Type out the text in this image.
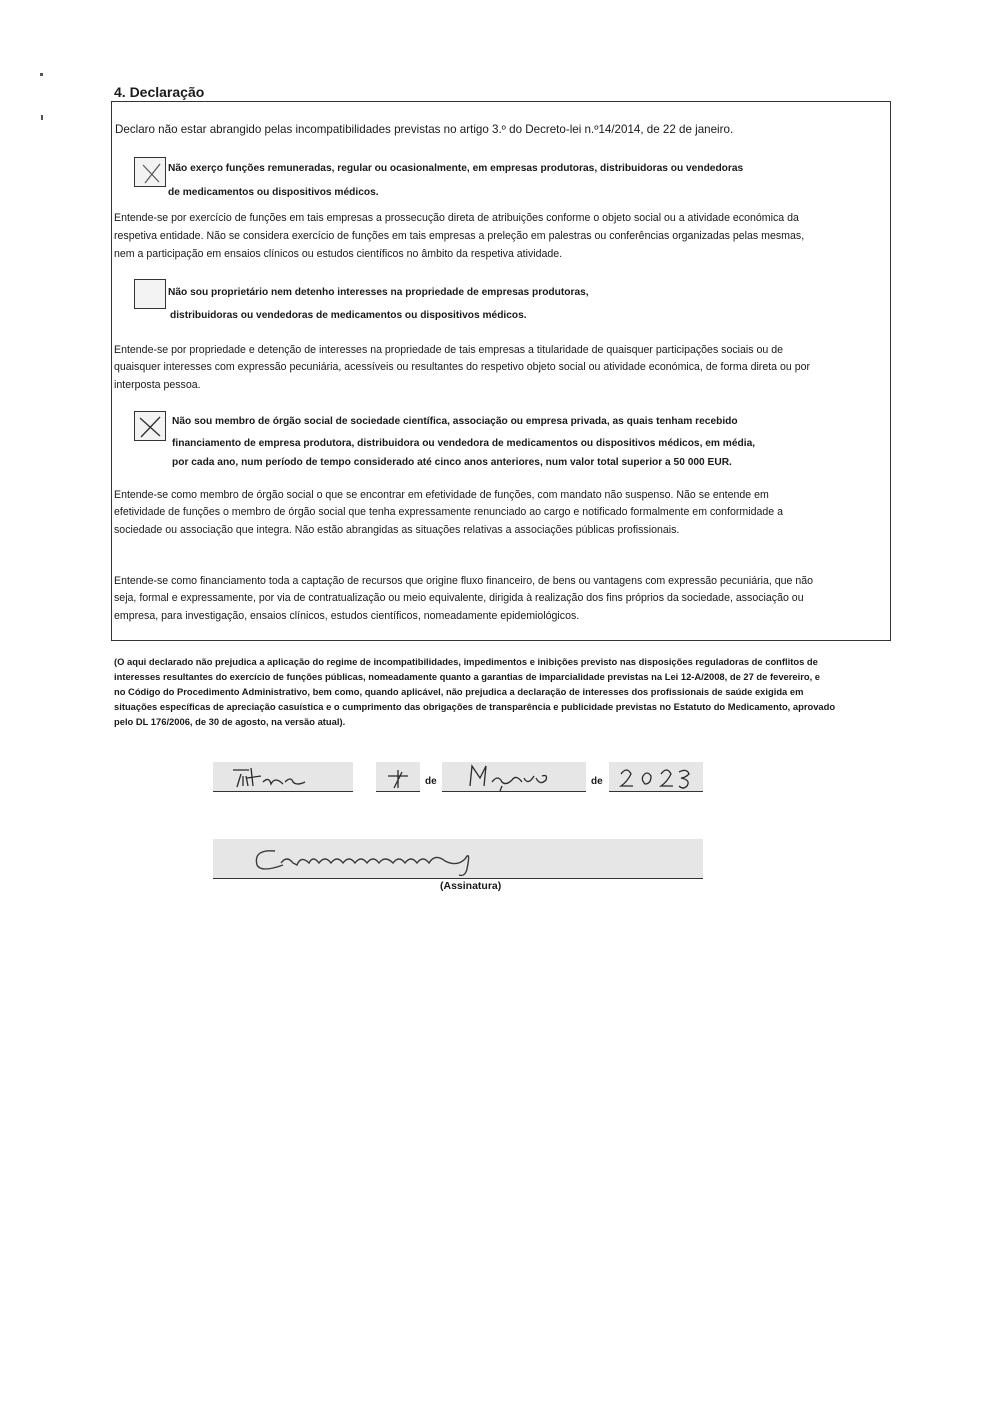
4. Declaração
Declaro não estar abrangido pelas incompatibilidades previstas no artigo 3.º do Decreto-lei n.º14/2014, de 22 de janeiro.
Não exerço funções remuneradas, regular ou ocasionalmente, em empresas produtoras, distribuidoras ou vendedoras
de medicamentos ou dispositivos médicos.
Entende-se por exercício de funções em tais empresas a prossecução direta de atribuições conforme o objeto social ou a atividade económica da
respetiva entidade. Não se considera exercício de funções em tais empresas a preleção em palestras ou conferências organizadas pelas mesmas,
nem a participação em ensaios clínicos ou estudos científicos no âmbito da respetiva atividade.
Não sou proprietário nem detenho interesses na propriedade de empresas produtoras,
distribuidoras ou vendedoras de medicamentos ou dispositivos médicos.
Entende-se por propriedade e detenção de interesses na propriedade de tais empresas a titularidade de quaisquer participações sociais ou de
quaisquer interesses com expressão pecuniária, acessíveis ou resultantes do respetivo objeto social ou atividade económica, de forma direta ou por
interposta pessoa.
Não sou membro de órgão social de sociedade científica, associação ou empresa privada, as quais tenham recebido
financiamento de empresa produtora, distribuidora ou vendedora de medicamentos ou dispositivos médicos, em média,
por cada ano, num período de tempo considerado até cinco anos anteriores, num valor total superior a 50 000 EUR.
Entende-se como membro de órgão social o que se encontrar em efetividade de funções, com mandato não suspenso. Não se entende em
efetividade de funções o membro de órgão social que tenha expressamente renunciado ao cargo e notificado formalmente em conformidade a
sociedade ou associação que integra. Não estão abrangidas as situações relativas a associações públicas profissionais.
Entende-se como financiamento toda a captação de recursos que origine fluxo financeiro, de bens ou vantagens com expressão pecuniária, que não
seja, formal e expressamente, por via de contratualização ou meio equivalente, dirigida à realização dos fins próprios da sociedade, associação ou
empresa, para investigação, ensaios clínicos, estudos científicos, nomeadamente epidemiológicos.
(O aqui declarado não prejudica a aplicação do regime de incompatibilidades, impedimentos e inibições previsto nas disposições reguladoras de conflitos de
interesses resultantes do exercício de funções públicas, nomeadamente quanto a garantias de imparcialidade previstas na Lei 12-A/2008, de 27 de fevereiro, e
no Código do Procedimento Administrativo, bem como, quando aplicável, não prejudica a declaração de interesses dos profissionais de saúde exigida em
situações específicas de apreciação casuística e o cumprimento das obrigações de transparência e publicidade previstas no Estatuto do Medicamento, aprovado
pelo DL 176/2006, de 30 de agosto, na versão atual).
de	de
(Assinatura)
